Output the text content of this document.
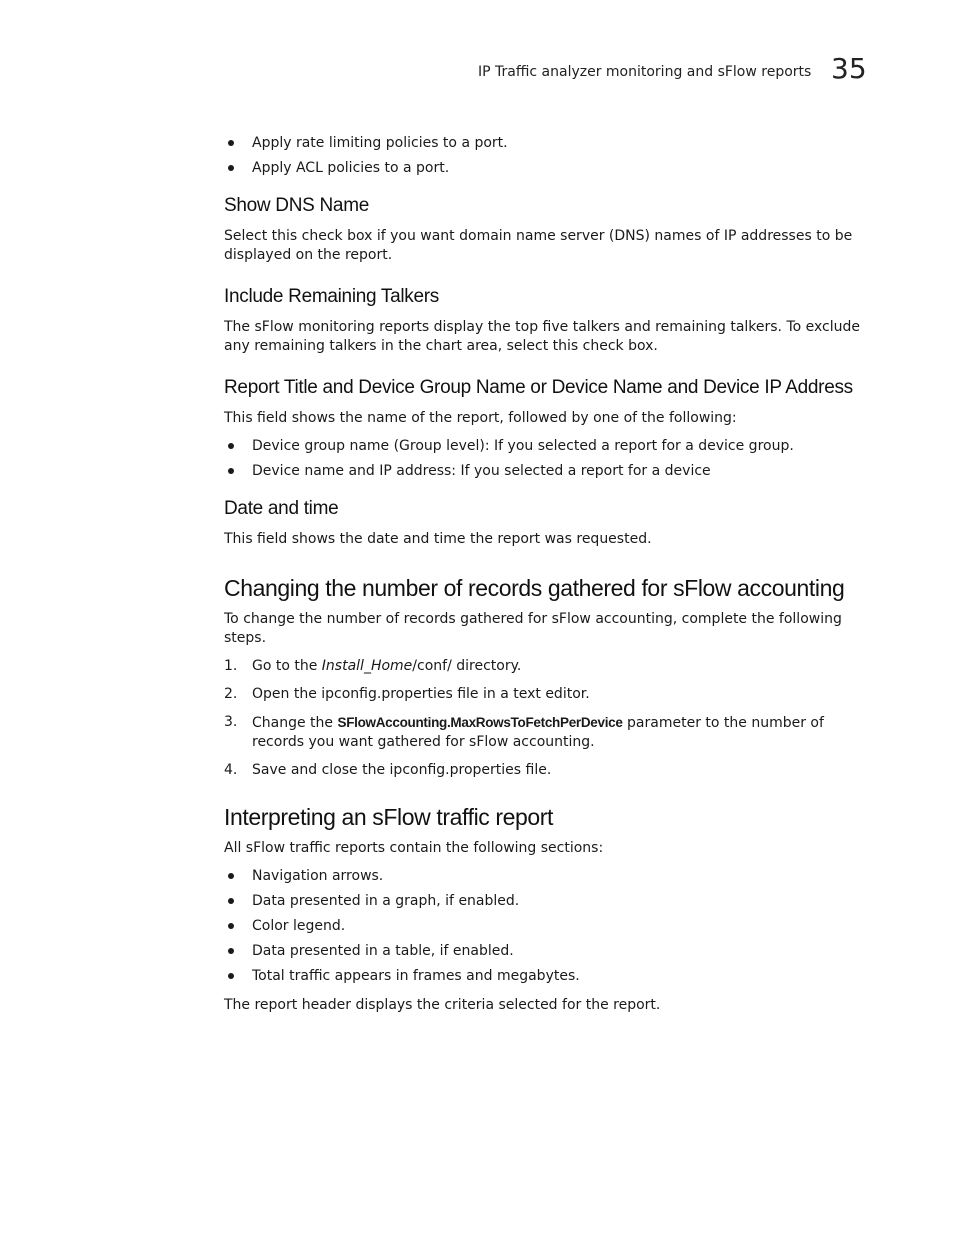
IP Traffic analyzer monitoring and sFlow reports 35
Apply rate limiting policies to a port.
Apply ACL policies to a port.
Show DNS Name

Select this check box if you want domain name server (DNS) names of IP addresses to be displayed on the report.

Include Remaining Talkers

The sFlow monitoring reports display the top five talkers and remaining talkers. To exclude any remaining talkers in the chart area, select this check box.

Report Title and Device Group Name or Device Name and Device IP Address

This field shows the name of the report, followed by one of the following:

Device group name (Group level): If you selected a report for a device group.
Device name and IP address: If you selected a report for a device
Date and time

This field shows the date and time the report was requested.

Changing the number of records gathered for sFlow accounting

To change the number of records gathered for sFlow accounting, complete the following steps.

1. Go to the Install_Home/conf/ directory.
2. Open the ipconfig.properties file in a text editor.
3. Change the SFlowAccounting.MaxRowsToFetchPerDevice parameter to the number of records you want gathered for sFlow accounting.
4. Save and close the ipconfig.properties file.
Interpreting an sFlow traffic report

All sFlow traffic reports contain the following sections:

Navigation arrows.
Data presented in a graph, if enabled.
Color legend.
Data presented in a table, if enabled.
Total traffic appears in frames and megabytes.

The report header displays the criteria selected for the report.
